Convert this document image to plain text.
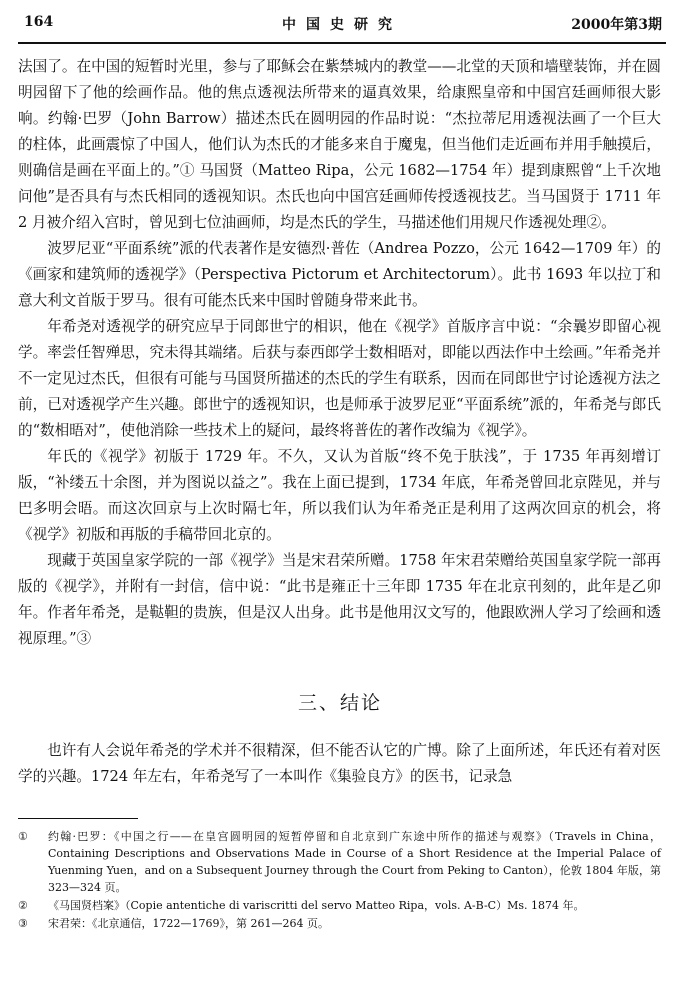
164	中国史研究	2000年第3期

法国了。在中国的短暂时光里，参与了耶稣会在紫禁城内的教堂——北堂的天顶和墙壁装饰，并在圆明园留下了他的绘画作品。他的焦点透视法所带来的逼真效果，给康熙皇帝和中国宫廷画师很大影响。约翰·巴罗（John Barrow）描述杰氏在圆明园的作品时说：“杰拉蒂尼用透视法画了一个巨大的柱体，此画震惊了中国人，他们认为杰氏的才能多来自于魔鬼，但当他们走近画布并用手触摸后，则确信是画在平面上的。”① 马国贤（Matteo Ripa，公元 1682—1754 年）提到康熙曾“上千次地问他”是否具有与杰氏相同的透视知识。杰氏也向中国宫廷画师传授透视技艺。当马国贤于 1711 年 2 月被介绍入宫时，曾见到七位油画师，均是杰氏的学生，马描述他们用规尺作透视处理②。

波罗尼亚“平面系统”派的代表著作是安德烈·普佐（Andrea Pozzo，公元 1642—1709 年）的《画家和建筑师的透视学》（Perspectiva Pictorum et Architectorum）。此书 1693 年以拉丁和意大利文首版于罗马。很有可能杰氏来中国时曾随身带来此书。

年希尧对透视学的研究应早于同郎世宁的相识，他在《视学》首版序言中说：“余曩岁即留心视学。率尝任智殚思，究未得其端绪。后获与泰西郎学士数相晤对，即能以西法作中土绘画。”年希尧并不一定见过杰氏，但很有可能与马国贤所描述的杰氏的学生有联系，因而在同郎世宁讨论透视方法之前，已对透视学产生兴趣。郎世宁的透视知识，也是师承于波罗尼亚“平面系统”派的，年希尧与郎氏的“数相晤对”，使他消除一些技术上的疑问，最终将普佐的著作改编为《视学》。

年氏的《视学》初版于 1729 年。不久，又认为首版“终不免于肤浅”，于 1735 年再刻增订版，“补缕五十余图，并为图说以益之”。我在上面已提到，1734 年底，年希尧曾回北京陛见，并与巴多明会晤。而这次回京与上次时隔七年，所以我们认为年希尧正是利用了这两次回京的机会，将《视学》初版和再版的手稿带回北京的。

现藏于英国皇家学院的一部《视学》当是宋君荣所赠。1758 年宋君荣赠给英国皇家学院一部再版的《视学》，并附有一封信，信中说：“此书是雍正十三年即 1735 年在北京刊刻的，此年是乙卯年。作者年希尧，是鞑靼的贵族，但是汉人出身。此书是他用汉文写的，他跟欧洲人学习了绘画和透视原理。”③

三、结论

也许有人会说年希尧的学术并不很精深，但不能否认它的广博。除了上面所述，年氏还有着对医学的兴趣。1724 年左右，年希尧写了一本叫作《集验良方》的医书，记录急

① 约翰·巴罗：《中国之行——在皇宫圆明园的短暂停留和自北京到广东途中所作的描述与观察》（Travels in China，Containing Descriptions and Observations Made in Course of a Short Residence at the Imperial Palace of Yuenming Yuen，and on a Subsequent Journey through the Court from Peking to Canton），伦敦 1804 年版，第 323—324 页。
② 《马国贤档案》（Copie antentiche di variscritti del servo Matteo Ripa，vols. A-B-C）Ms. 1874 年。
③ 宋君荣：《北京通信，1722—1769》，第 261—264 页。
